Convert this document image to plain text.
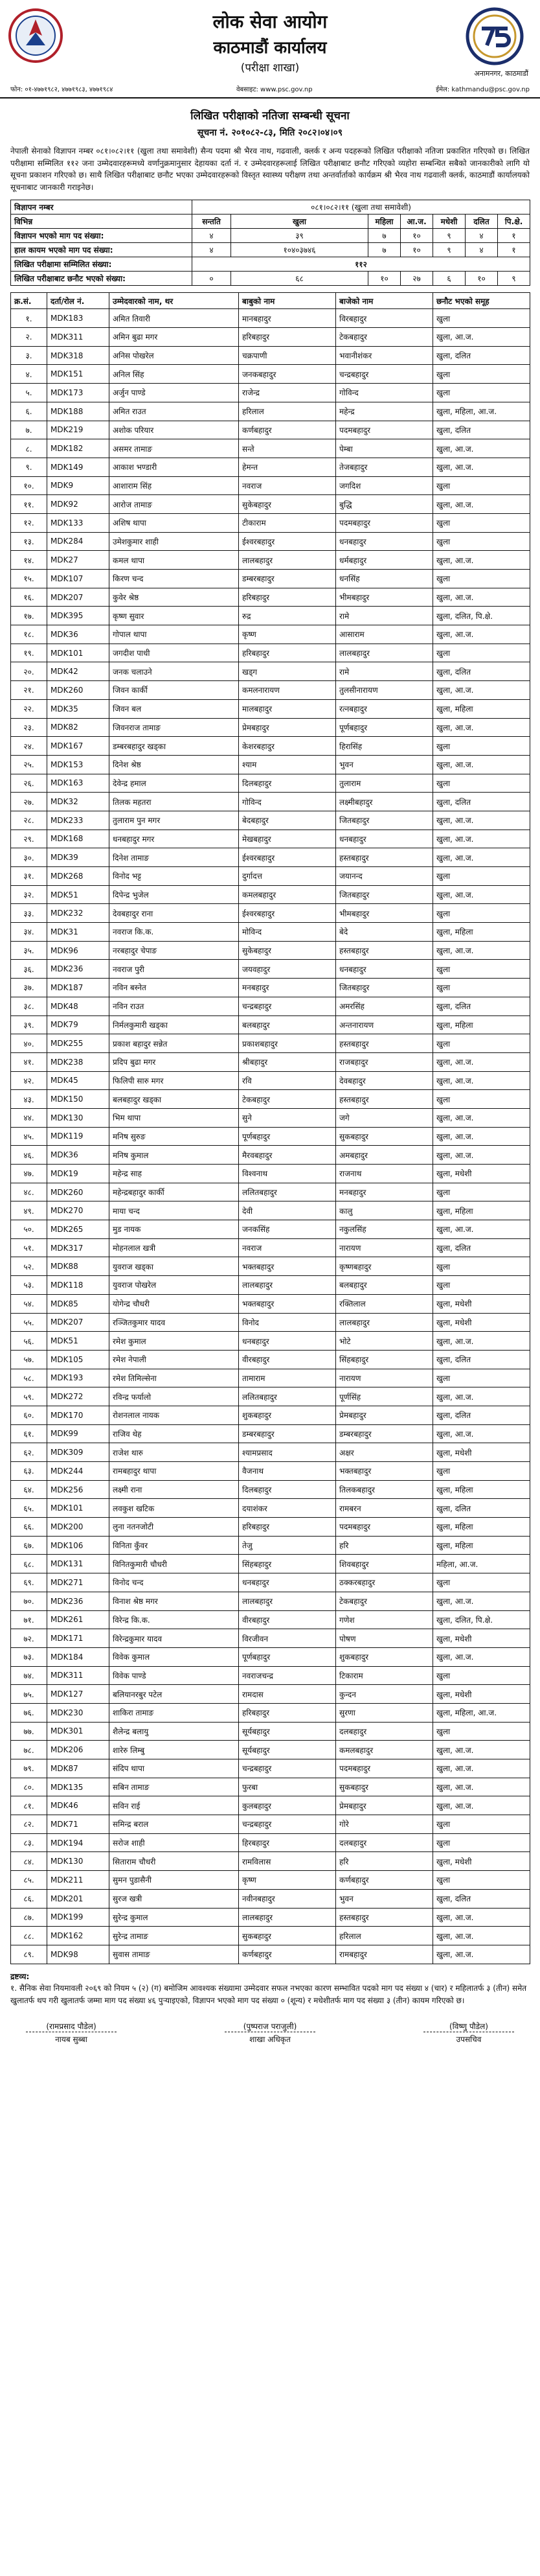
लोक सेवा आयोग
काठमाडौं कार्यालय
(परीक्षा शाखा)	अनामनगर, काठमाडौं
फोन: ०१-४७७१९८२, ४७७१९८३, ४७७१९८४	वेबसाइट: www.psc.gov.np	ईमेल: kathmandu@psc.gov.np
लिखित परीक्षाको नतिजा सम्बन्धी सूचना
सूचना नं. २०१०८२-८३, मिति २०८२।०४।०९
नेपाली सेनाको विज्ञापन नम्बर ०८१।०८२।११ (खुला तथा समावेशी) सैन्य पदमा श्री भैरव नाथ, गढवाली, क्लर्क र अन्य पदहरूको लिखित परीक्षाको नतिजा प्रकाशित गरिएको छ। लिखित परीक्षामा सम्मिलित ११२ जना उम्मेदवारहरूमध्ये वर्णानुक्रमानुसार देहायका दर्ता नं. र उम्मेदवारहरूलाई लिखित परीक्षाबाट छनौट गरिएको व्यहोरा सम्बन्धित सबैको जानकारीको लागि यो सूचना प्रकाशन गरिएको छ। साथै लिखित परीक्षाबाट छनौट भएका उम्मेदवारहरूको विस्तृत स्वास्थ्य परीक्षण तथा अन्तर्वार्ताको कार्यक्रम श्री भैरव नाथ गढवाली क्लर्क, काठमाडौं कार्यालयको सूचनाबाट जानकारी गराइनेछ।
विज्ञापन नम्बर	०८१।०८२।११ (खुला तथा समावेशी)						
विभिन्न	सन्तति	खुला	महिला	आ.ज.	मधेशी	दलित	पि.क्षे.
विज्ञापन भएको माग पद संख्या:	४	३९	७	१०	९	४	१
हाल कायम भएको माग पद संख्या:	४	१०४०३७४६	७	१०	९	४	१
लिखित परीक्षामा सम्मिलित संख्या:	११२						
लिखित परीक्षाबाट छनौट भएको संख्या:	०	६८	१०	२७	६	१०	९
क्र.सं.	दर्ता/रोल नं.	उम्मेदवारको नाम, थर	बाबुको नाम	बाजेको नाम	छनौट भएको समूह
१.	MDK183	अमित तिवारी	मानबहादुर	विरबहादुर	खुला
२.	MDK311	अमिन बुढा मगर	हरिबहादुर	टेकबहादुर	खुला, आ.ज.
३.	MDK318	अनिस पोखरेल	चक्रपाणी	भवानीशंकर	खुला, दलित
४.	MDK151	अनिल सिंह	जनकबहादुर	चन्द्रबहादुर	खुला
५.	MDK173	अर्जुन पाण्डे	राजेन्द्र	गोविन्द	खुला
६.	MDK188	अमित राउत	हरिलाल	महेन्द्र	खुला, महिला, आ.ज.
७.	MDK219	अशोक परियार	कर्णबहादुर	पदमबहादुर	खुला, दलित
८.	MDK182	असमर तामाङ	सन्ते	पेम्बा	खुला, आ.ज.
९.	MDK149	आकाश भण्डारी	हेमन्त	तेजबहादुर	खुला, आ.ज.
१०.	MDK9	आशाराम सिंह	नवराज	जगदिश	खुला
११.	MDK92	आरोज तामाङ	सुकेबहादुर	बुद्धि	खुला, आ.ज.
१२.	MDK133	अशिष थापा	टीकाराम	पदमबहादुर	खुला
१३.	MDK284	उमेशकुमार शाही	ईश्वरबहादुर	धनबहादुर	खुला
१४.	MDK27	कमल थापा	लालबहादुर	धर्मबहादुर	खुला, आ.ज.
१५.	MDK107	किरण चन्द	डम्बरबहादुर	धनसिंह	खुला
१६.	MDK207	कुवेर श्रेष्ठ	हरिबहादुर	भीमबहादुर	खुला, आ.ज.
१७.	MDK395	कृष्ण सुवार	रुद्र	रामे	खुला, दलित, पि.क्षे.
१८.	MDK36	गोपाल थापा	कृष्ण	आसाराम	खुला, आ.ज.
१९.	MDK101	जगदीश पाधी	हरिबहादुर	लालबहादुर	खुला
२०.	MDK42	जनक चलाउने	खड्ग	रामे	खुला, दलित
२१.	MDK260	जिवन कार्की	कमलनारायण	तुलसीनारायण	खुला, आ.ज.
२२.	MDK35	जिवन बल	मालबहादुर	रत्नबहादुर	खुला, महिला
२३.	MDK82	जिवनराज तामाङ	प्रेमबहादुर	पूर्णबहादुर	खुला, आ.ज.
२४.	MDK167	डम्बरबहादुर खड्का	केशरबहादुर	हिरासिंह	खुला
२५.	MDK153	दिनेश श्रेष्ठ	श्याम	भुवन	खुला, आ.ज.
२६.	MDK163	देवेन्द्र हमाल	दिलबहादुर	तुलाराम	खुला
२७.	MDK32	तिलक महतरा	गोविन्द	लक्ष्मीबहादुर	खुला, दलित
२८.	MDK233	तुलाराम पुन मगर	बेदबहादुर	जितबहादुर	खुला, आ.ज.
२९.	MDK168	धनबहादुर मगर	मेखबहादुर	धनबहादुर	खुला, आ.ज.
३०.	MDK39	दिनेश तामाङ	ईश्वरबहादुर	हस्तबहादुर	खुला, आ.ज.
३१.	MDK268	विनोद भट्ट	दुर्गादत्त	जयानन्द	खुला
३२.	MDK51	दिपेन्द्र भुजेल	कमलबहादुर	जितबहादुर	खुला, आ.ज.
३३.	MDK232	देवबहादुर राना	ईश्वरबहादुर	भीमबहादुर	खुला
३४.	MDK31	नवराज कि.क.	मोविन्द	बेदे	खुला, महिला
३५.	MDK96	नरबहादुर चेपाङ	सुकेबहादुर	हस्तबहादुर	खुला, आ.ज.
३६.	MDK236	नवराज पुरी	जयवहादुर	धनबहादुर	खुला
३७.	MDK187	नविन बस्नेत	मनबहादुर	जितबहादुर	खुला
३८.	MDK48	नविन राउत	चन्द्रबहादुर	अमरसिंह	खुला, दलित
३९.	MDK79	निर्मलकुमारी खड्का	बलबहादुर	अन्तनारायण	खुला, महिला
४०.	MDK255	प्रकाश बहादुर सन्नेत	प्रकाशबहादुर	हस्तबहादुर	खुला
४१.	MDK238	प्रदिप बुढा मगर	श्रीबहादुर	राजबहादुर	खुला, आ.ज.
४२.	MDK45	फिलिपी सारु मगर	रवि	देवबहादुर	खुला, आ.ज.
४३.	MDK150	बलबहादुर खड्का	टेकबहादुर	हस्तबहादुर	खुला
४४.	MDK130	भिम थापा	सुने	जगे	खुला, आ.ज.
४५.	MDK119	मनिष सुरुङ	पूर्णबहादुर	सुकबहादुर	खुला, आ.ज.
४६.	MDK36	मनिष कुमाल	मैरवबहादुर	अमबहादुर	खुला, आ.ज.
४७.	MDK19	महेन्द्र साह	विश्वनाथ	राजनाथ	खुला, मधेशी
४८.	MDK260	महेन्द्रबहादुर कार्की	ललितबहादुर	मनबहादुर	खुला
४९.	MDK270	माया चन्द	देवी	कालु	खुला, महिला
५०.	MDK265	मुड नायक	जनकसिंह	नकुलसिंह	खुला, आ.ज.
५१.	MDK317	मोहनलाल खत्री	नवराज	नारायण	खुला, दलित
५२.	MDK88	युवराज खड्का	भक्तबहादुर	कृष्णबहादुर	खुला
५३.	MDK118	युवराज पोखरेल	लालबहादुर	बलबहादुर	खुला
५४.	MDK85	योगेन्द्र चौधरी	भक्तबहादुर	रक्तिलाल	खुला, मधेशी
५५.	MDK207	रञ्जितकुमार यादव	विनोद	लालबहादुर	खुला, मधेशी
५६.	MDK51	रमेश कुमाल	धनबहादुर	भोटे	खुला, आ.ज.
५७.	MDK105	रमेश नेपाली	वीरबहादुर	सिंहबहादुर	खुला, दलित
५८.	MDK193	रमेश तिमिल्सेना	तामाराम	नारायण	खुला
५९.	MDK272	रविन्द्र फर्यालो	ललितबहादुर	पूर्णसिंह	खुला, आ.ज.
६०.	MDK170	रोशनलाल नायक	शुकबहादुर	प्रेमबहादुर	खुला, दलित
६१.	MDK99	राजिव थेह	डम्बरबहादुर	डम्बरबहादुर	खुला, आ.ज.
६२.	MDK309	राजेश थारु	श्यामप्रसाद	अक्षर	खुला, मधेशी
६३.	MDK244	रामबहादुर थापा	वैजनाथ	भक्तबहादुर	खुला
६४.	MDK256	लक्ष्मी राना	दिलबहादुर	तिलकबहादुर	खुला, महिला
६५.	MDK101	लवकुश खटिक	दयाशंकर	रामबरन	खुला, दलित
६६.	MDK200	लुना नतनजोटी	हरिबहादुर	पदमबहादुर	खुला, महिला
६७.	MDK106	विनिता कुँवर	तेजु	हरि	खुला, महिला
६८.	MDK131	विनितकुमारी चौधरी	सिंहबहादुर	शिवबहादुर	महिला, आ.ज.
६९.	MDK271	विनोद चन्द	धनबहादुर	ठक्करबहादुर	खुला
७०.	MDK236	विनाश श्रेष्ठ मगर	लालबहादुर	टेकबहादुर	खुला, आ.ज.
७१.	MDK261	विरेन्द्र कि.क.	वीरबहादुर	गणेश	खुला, दलित, पि.क्षे.
७२.	MDK171	विरेन्द्रकुमार यादव	विरजीवन	पोषण	खुला, मधेशी
७३.	MDK184	विवेक कुमाल	पूर्णबहादुर	शुकबहादुर	खुला, आ.ज.
७४.	MDK311	विवेक पाण्डे	नवराजचन्द्र	टिकाराम	खुला
७५.	MDK127	बलियानरबुर पटेल	रामदास	कुन्दन	खुला, मधेशी
७६.	MDK230	शाकिरा तामाङ	हरिबहादुर	सुरणा	खुला, महिला, आ.ज.
७७.	MDK301	शैलेन्द्र बलायु	सूर्यबहादुर	दलबहादुर	खुला
७८.	MDK206	शारेरु लिम्बु	सूर्यबहादुर	कमलबहादुर	खुला, आ.ज.
७९.	MDK87	संदिप थापा	चन्द्रबहादुर	पदमबहादुर	खुला, आ.ज.
८०.	MDK135	सबिन तामाङ	फुरबा	सुकबहादुर	खुला, आ.ज.
८१.	MDK46	सविन राई	कुलबहादुर	प्रेमबहादुर	खुला, आ.ज.
८२.	MDK71	समिन्द्र बराल	चन्द्रबहादुर	गोरे	खुला
८३.	MDK194	सरोज शाही	हिरबहादुर	दलबहादुर	खुला
८४.	MDK130	सिताराम चौधरी	रामविलास	हरि	खुला, मधेशी
८५.	MDK211	सुमन पुडासैनी	कृष्ण	कर्णबहादुर	खुला
८६.	MDK201	सुरज खत्री	नवीनबहादुर	भुवन	खुला, दलित
८७.	MDK199	सुरेन्द्र कुमाल	लालबहादुर	हस्तबहादुर	खुला, आ.ज.
८८.	MDK162	सुरेन्द्र तामाङ	सुकबहादुर	हरिलाल	खुला, आ.ज.
८९.	MDK98	सुवास तामाङ	कर्णबहादुर	रामबहादुर	खुला, आ.ज.
द्रष्टव्य:
१. सैनिक सेवा नियमावली २०६९ को नियम ५ (२) (ग) बमोजिम आवश्यक संख्यामा उम्मेदवार सफल नभएका कारण सम्भावित पदको माग पद संख्या ४ (चार) र महिलातर्फ ३ (तीन) समेत खुलातर्फ थप गरी खुलातर्फ जम्मा माग पद संख्या ४६ पुऱ्याइएको, विज्ञापन भएको माग पद संख्या ० (शून्य) र मधेशीतर्फ माग पद संख्या ३ (तीन) कायम गरिएको छ।
(रामप्रसाद पौडेल)
नायब सुब्बा
(पुष्पराज पराजुली)
शाखा अधिकृत
(विष्णु पौडेल)
उपसचिव
